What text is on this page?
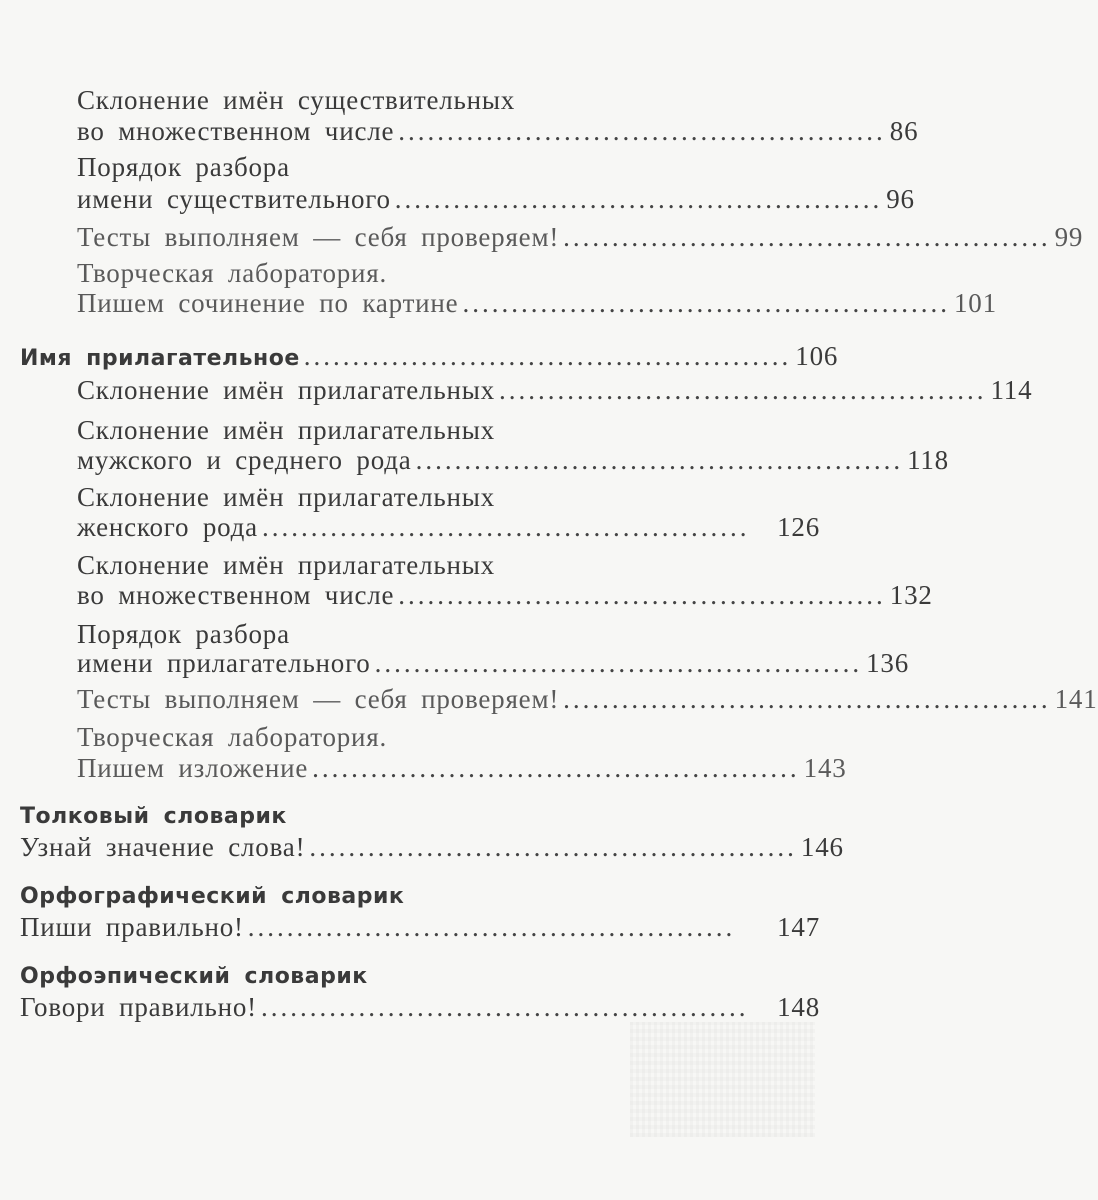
Склонение имён существительных
во множественном числе .................................................. 86
Порядок разбора
имени существительного .................................................. 96
Тесты выполняем — себя проверяем! .................................................. 99
Творческая лаборатория.
Пишем сочинение по картине .................................................. 101
Имя прилагательное .................................................. 106
Склонение имён прилагательных .................................................. 114
Склонение имён прилагательных
мужского и среднего рода .................................................. 118
Склонение имён прилагательных
женского рода ..................................................	126
Склонение имён прилагательных
во множественном числе .................................................. 132
Порядок разбора
имени прилагательного .................................................. 136
Тесты выполняем — себя проверяем! .................................................. 141
Творческая лаборатория.
Пишем изложение .................................................. 143
Толковый словарик
Узнай значение слова! .................................................. 146
Орфографический словарик
Пиши правильно! ..................................................	147
Орфоэпический словарик
Говори правильно! ..................................................	148
